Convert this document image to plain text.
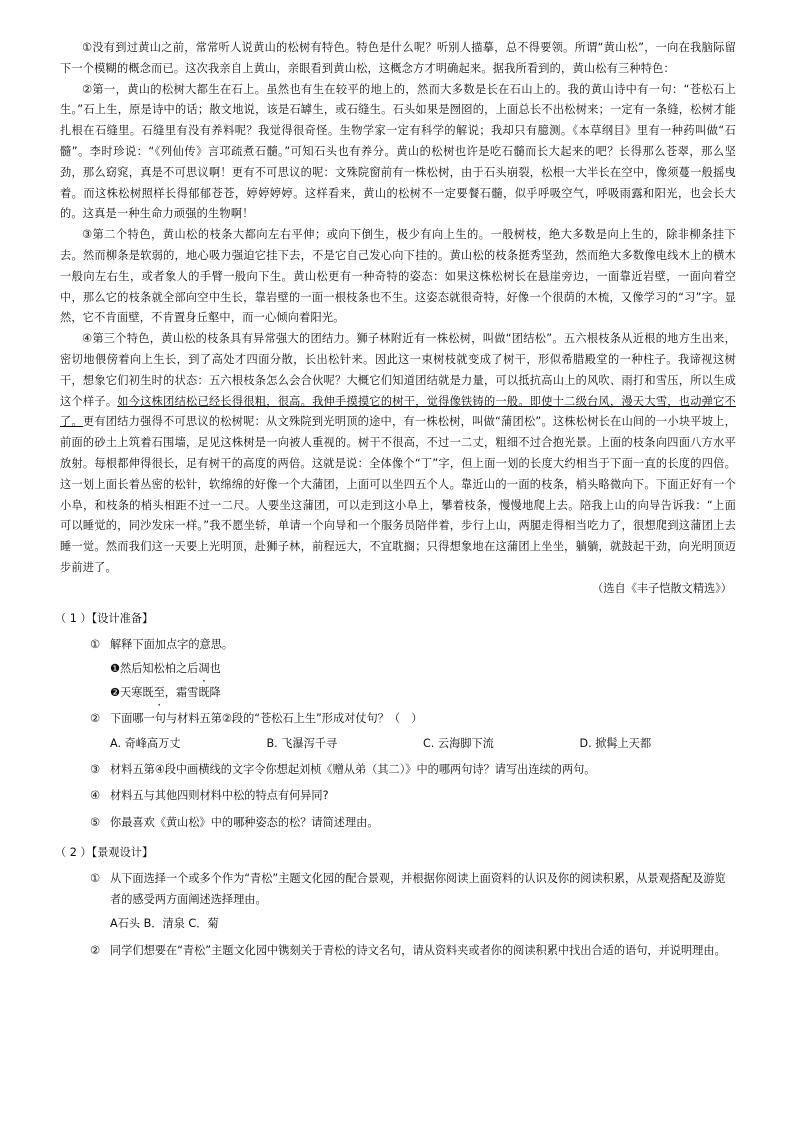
①没有到过黄山之前，常常听人说黄山的松树有特色。特色是什么呢？听别人描摹，总不得要领。所谓“黄山松”，一向在我脑际留下一个模糊的概念而已。这次我亲自上黄山，亲眼看到黄山松，这概念方才明确起来。据我所看到的，黄山松有三种特色：

②第一，黄山的松树大都生在石上。虽然也有生在较平的地上的，然而大多数是长在石山上的。我的黄山诗中有一句：“苍松石上生。”石上生，原是诗中的话；散文地说，该是石罅生，或石缝生。石头如果是囫囵的，上面总长不出松树来；一定有一条缝，松树才能扎根在石缝里。石缝里有没有养料呢？我觉得很奇怪。生物学家一定有科学的解说；我却只有臆测。《本草纲目》里有一种药叫做“石髓”。李时珍说：“《列仙传》言邛疏煮石髓。”可知石头也有养分。黄山的松树也许是吃石髓而长大起来的吧？长得那么苍翠，那么坚劲，那么窈窕，真是不可思议啊！更有不可思议的呢：文殊院窗前有一株松树，由于石头崩裂，松根一大半长在空中，像须蔓一般摇曳着。而这株松树照样长得郁郁苍苍，婷婷婷婷。这样看来，黄山的松树不一定要餐石髓，似乎呼吸空气，呼吸雨露和阳光，也会长大的。这真是一种生命力顽强的生物啊！

③第二个特色，黄山松的枝条大都向左右平伸；或向下倒生，极少有向上生的。一般树枝，绝大多数是向上生的，除非柳条挂下去。然而柳条是软弱的，地心吸力强迫它挂下去，不是它自己发心向下挂的。黄山松的枝条挺秀坚劲，然而绝大多数像电线木上的横木一般向左右生，或者象人的手臂一般向下生。黄山松更有一种奇特的姿态：如果这株松树长在悬崖旁边，一面靠近岩壁，一面向着空中，那么它的枝条就全部向空中生长，靠岩壁的一面一根枝条也不生。这姿态就很奇特，好像一个很荫的木梳，又像学习的“习”字。显然，它不肯面壁，不肯置身丘壑中，而一心倾向着阳光。

④第三个特色，黄山松的枝条具有异常强大的团结力。狮子林附近有一株松树，叫做“团结松”。五六根枝条从近根的地方生出来，密切地偎傍着向上生长，到了高处才四面分散，长出松针来。因此这一束树枝就变成了树干，形似希腊殿堂的一种柱子。我谛视这树干，想象它们初生时的状态：五六根枝条怎么会合伙呢？大概它们知道团结就是力量，可以抵抗高山上的风吹、雨打和雪压，所以生成这个样子。如今这株团结松已经长得很粗，很高。我伸手摸摸它的树干，觉得像铁铸的一般。即使十二级台风，漫天大雪，也动弹它不了。更有团结力强得不可思议的松树呢：从文殊院到光明顶的途中，有一株松树，叫做“蒲团松”。这株松树长在山间的一小块平坡上，前面的砂土上筑着石围墙，足见这株树是一向被人重视的。树干不很高，不过一二丈，粗细不过合抱光景。上面的枝条向四面八方水平放射。每根都伸得很长，足有树干的高度的两倍。这就是说：全体像个“丁”字，但上面一划的长度大约相当于下面一直的长度的四倍。这一划上面长着丛密的松针，软绵绵的好像一个大蒲团，上面可以坐四五个人。靠近山的一面的枝条，梢头略微向下。下面正好有一个小阜，和枝条的梢头相距不过一二尺。人要坐这蒲团，可以走到这小阜上，攀着枝条，慢慢地爬上去。陪我上山的向导告诉我：“上面可以睡觉的，同沙发床一样。”我不愿坐轿，单请一个向导和一个服务员陪伴着，步行上山，两腿走得相当吃力了，很想爬到这蒲团上去睡一觉。然而我们这一天要上光明顶，赴狮子林，前程远大，不宜耽搁；只得想象地在这蒲团上坐坐，躺躺，就鼓起干劲，向光明顶迈步前进了。

（选自《丰子恺散文精选》）

（ 1 ）【设计准备】
① 解释下面加点字的意思。
❶然后知松柏之后凋也
❷天寒既至，霜雪既降
② 下面哪一句与材料五第②段的“苍松石上生”形成对仗句？（　）
A. 奇峰高万丈	B. 飞瀑泻千寻	C. 云海脚下流	D. 掀髯上天都
③ 材料五第④段中画横线的文字令你想起刘桢《赠从弟（其二）》中的哪两句诗？请写出连续的两句。
④ 材料五与其他四则材料中松的特点有何异同?
⑤ 你最喜欢《黄山松》中的哪种姿态的松？请简述理由。
（ 2 ）【景观设计】
① 从下面选择一个或多个作为“青松”主题文化园的配合景观，并根据你阅读上面资料的认识及你的阅读积累，从景观搭配及游览者的感受两方面阐述选择理由。
A石头 B．清泉 C．菊
② 同学们想要在“青松”主题文化园中镌刻关于青松的诗文名句，请从资料夹或者你的阅读积累中找出合适的语句，并说明理由。
